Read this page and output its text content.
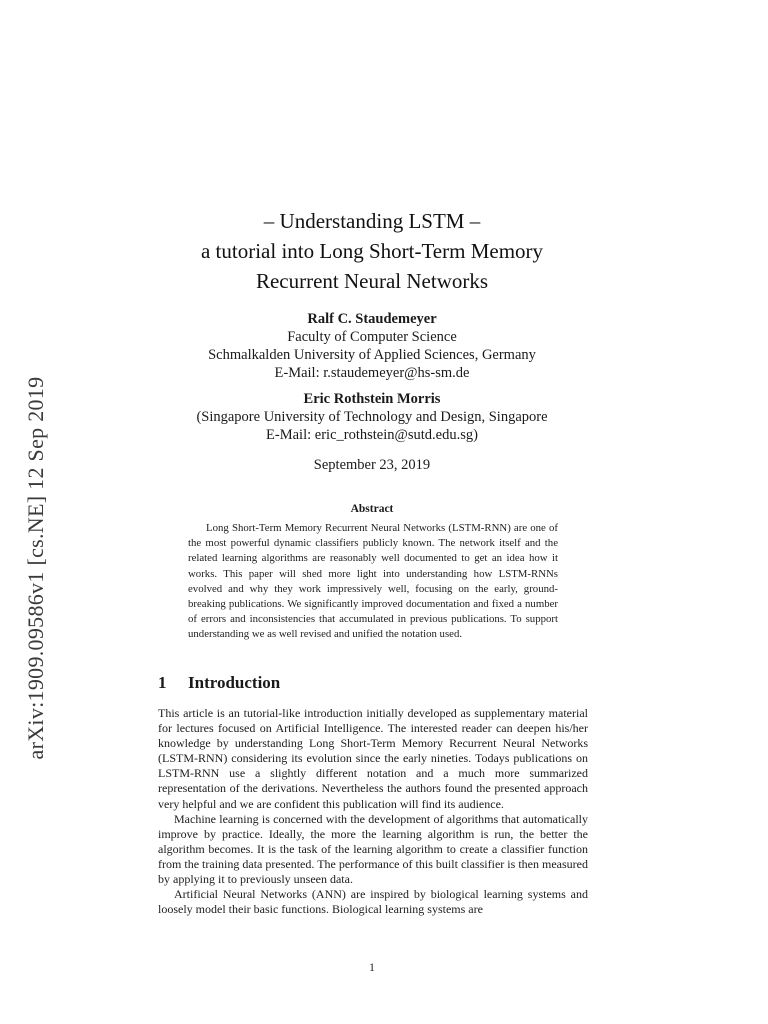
arXiv:1909.09586v1 [cs.NE] 12 Sep 2019
– Understanding LSTM –
a tutorial into Long Short-Term Memory
Recurrent Neural Networks
Ralf C. Staudemeyer
Faculty of Computer Science
Schmalkalden University of Applied Sciences, Germany
E-Mail: r.staudemeyer@hs-sm.de
Eric Rothstein Morris
(Singapore University of Technology and Design, Singapore
E-Mail: eric_rothstein@sutd.edu.sg)
September 23, 2019
Abstract

Long Short-Term Memory Recurrent Neural Networks (LSTM-RNN) are one of the most powerful dynamic classifiers publicly known. The network itself and the related learning algorithms are reasonably well documented to get an idea how it works. This paper will shed more light into understanding how LSTM-RNNs evolved and why they work impressively well, focusing on the early, ground-breaking publications. We significantly improved documentation and fixed a number of errors and inconsistencies that accumulated in previous publications. To support understanding we as well revised and unified the notation used.

1 Introduction

This article is an tutorial-like introduction initially developed as supplementary material for lectures focused on Artificial Intelligence. The interested reader can deepen his/her knowledge by understanding Long Short-Term Memory Recurrent Neural Networks (LSTM-RNN) considering its evolution since the early nineties. Todays publications on LSTM-RNN use a slightly different notation and a much more summarized representation of the derivations. Nevertheless the authors found the presented approach very helpful and we are confident this publication will find its audience.

Machine learning is concerned with the development of algorithms that automatically improve by practice. Ideally, the more the learning algorithm is run, the better the algorithm becomes. It is the task of the learning algorithm to create a classifier function from the training data presented. The performance of this built classifier is then measured by applying it to previously unseen data.

Artificial Neural Networks (ANN) are inspired by biological learning systems and loosely model their basic functions. Biological learning systems are

1
